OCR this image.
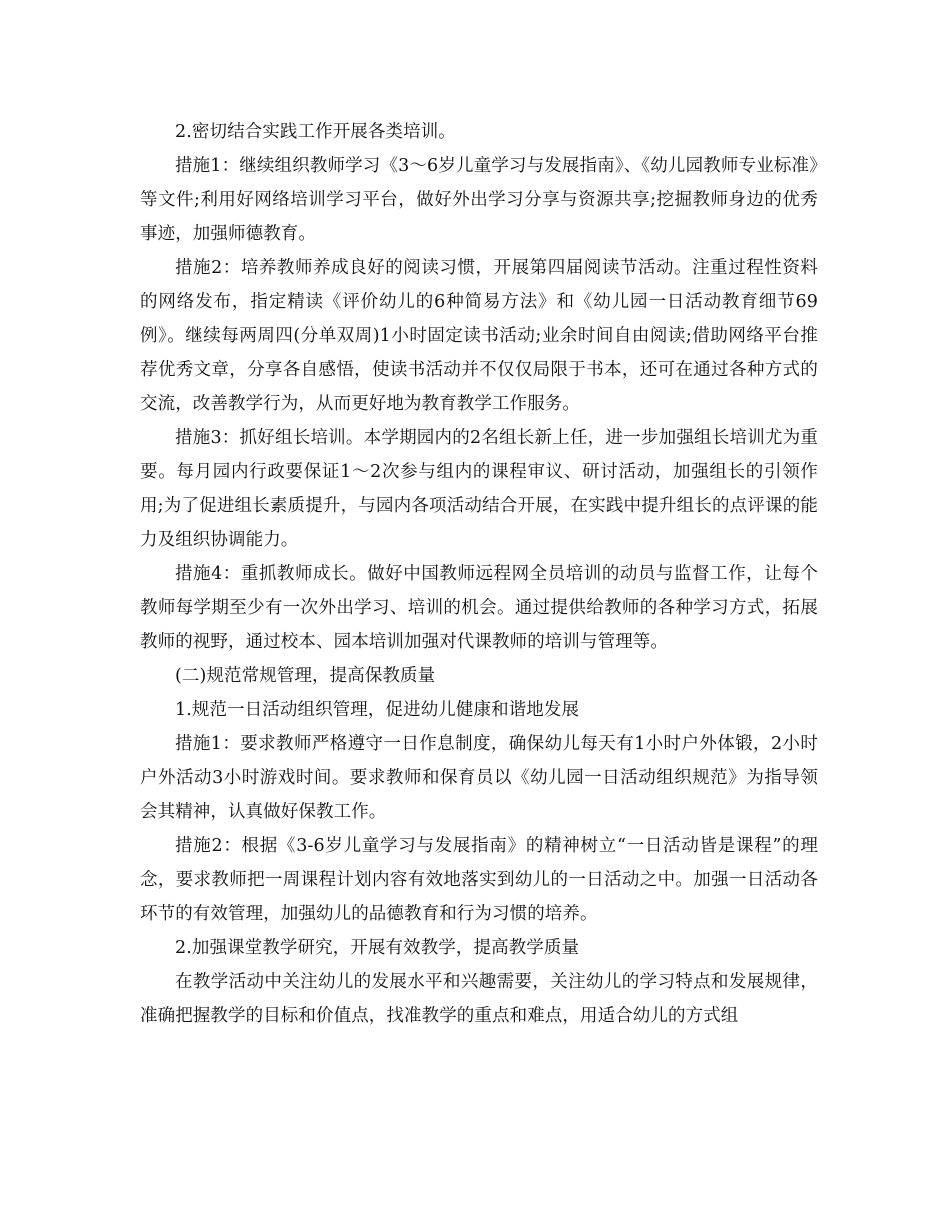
2.密切结合实践工作开展各类培训。

措施1：继续组织教师学习《3～6岁儿童学习与发展指南》、《幼儿园教师专业标准》等文件;利用好网络培训学习平台，做好外出学习分享与资源共享;挖掘教师身边的优秀事迹，加强师德教育。

措施2：培养教师养成良好的阅读习惯，开展第四届阅读节活动。注重过程性资料的网络发布，指定精读《评价幼儿的6种简易方法》和《幼儿园一日活动教育细节69例》。继续每两周四(分单双周)1小时固定读书活动;业余时间自由阅读;借助网络平台推荐优秀文章，分享各自感悟，使读书活动并不仅仅局限于书本，还可在通过各种方式的交流，改善教学行为，从而更好地为教育教学工作服务。

措施3：抓好组长培训。本学期园内的2名组长新上任，进一步加强组长培训尤为重要。每月园内行政要保证1～2次参与组内的课程审议、研讨活动，加强组长的引领作用;为了促进组长素质提升，与园内各项活动结合开展，在实践中提升组长的点评课的能力及组织协调能力。

措施4：重抓教师成长。做好中国教师远程网全员培训的动员与监督工作，让每个教师每学期至少有一次外出学习、培训的机会。通过提供给教师的各种学习方式，拓展教师的视野，通过校本、园本培训加强对代课教师的培训与管理等。

(二)规范常规管理，提高保教质量

1.规范一日活动组织管理，促进幼儿健康和谐地发展

措施1：要求教师严格遵守一日作息制度，确保幼儿每天有1小时户外体锻，2小时户外活动3小时游戏时间。要求教师和保育员以《幼儿园一日活动组织规范》为指导领会其精神，认真做好保教工作。

措施2：根据《3-6岁儿童学习与发展指南》的精神树立“一日活动皆是课程”的理念，要求教师把一周课程计划内容有效地落实到幼儿的一日活动之中。加强一日活动各环节的有效管理，加强幼儿的品德教育和行为习惯的培养。

2.加强课堂教学研究，开展有效教学，提高教学质量

在教学活动中关注幼儿的发展水平和兴趣需要，关注幼儿的学习特点和发展规律，准确把握教学的目标和价值点，找准教学的重点和难点，用适合幼儿的方式组
